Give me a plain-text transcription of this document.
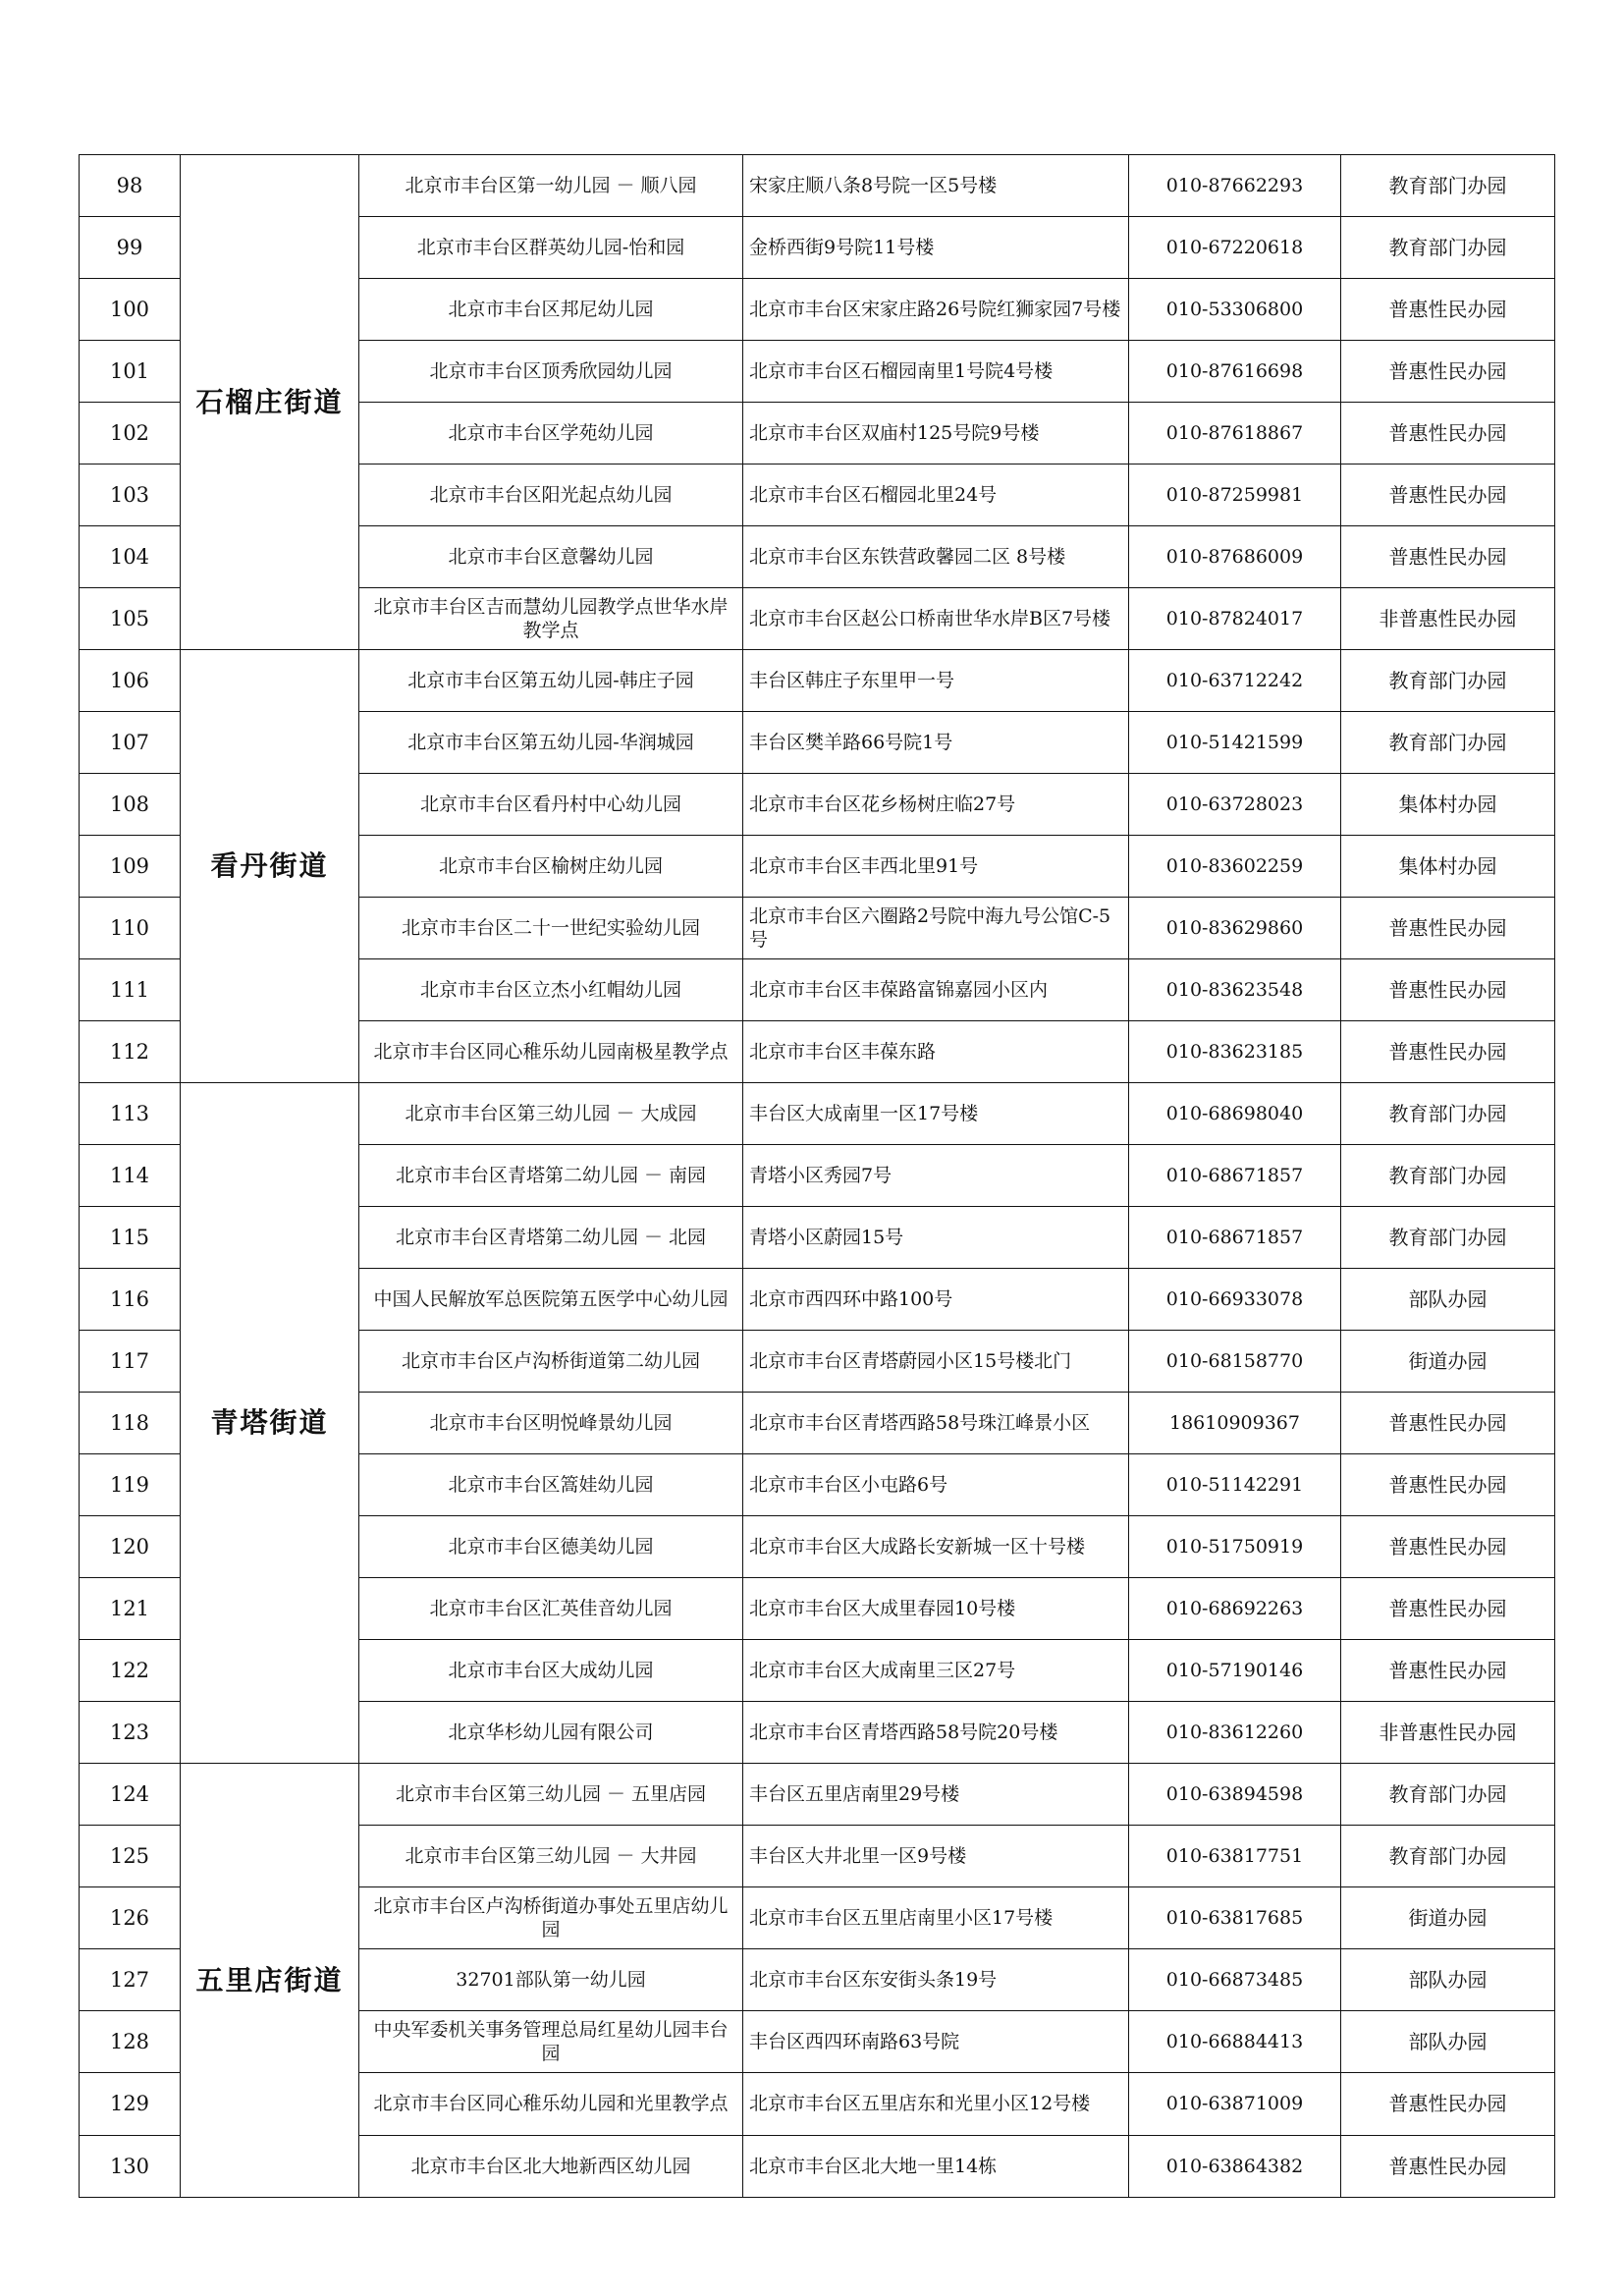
98	石榴庄街道	北京市丰台区第一幼儿园 － 顺八园	宋家庄顺八条8号院一区5号楼	010-87662293	教育部门办园
99		北京市丰台区群英幼儿园-怡和园	金桥西街9号院11号楼	010-67220618	教育部门办园
100		北京市丰台区邦尼幼儿园	北京市丰台区宋家庄路26号院红狮家园7号楼	010-53306800	普惠性民办园
101		北京市丰台区顶秀欣园幼儿园	北京市丰台区石榴园南里1号院4号楼	010-87616698	普惠性民办园
102		北京市丰台区学苑幼儿园	北京市丰台区双庙村125号院9号楼	010-87618867	普惠性民办园
103		北京市丰台区阳光起点幼儿园	北京市丰台区石榴园北里24号	010-87259981	普惠性民办园
104		北京市丰台区意馨幼儿园	北京市丰台区东铁营政馨园二区 8号楼	010-87686009	普惠性民办园
105		北京市丰台区吉而慧幼儿园教学点世华水岸教学点	北京市丰台区赵公口桥南世华水岸B区7号楼	010-87824017	非普惠性民办园
106	看丹街道	北京市丰台区第五幼儿园-韩庄子园	丰台区韩庄子东里甲一号	010-63712242	教育部门办园
107		北京市丰台区第五幼儿园-华润城园	丰台区樊羊路66号院1号	010-51421599	教育部门办园
108		北京市丰台区看丹村中心幼儿园	北京市丰台区花乡杨树庄临27号	010-63728023	集体村办园
109		北京市丰台区榆树庄幼儿园	北京市丰台区丰西北里91号	010-83602259	集体村办园
110		北京市丰台区二十一世纪实验幼儿园	北京市丰台区六圈路2号院中海九号公馆C-5号	010-83629860	普惠性民办园
111		北京市丰台区立杰小红帽幼儿园	北京市丰台区丰葆路富锦嘉园小区内	010-83623548	普惠性民办园
112		北京市丰台区同心稚乐幼儿园南极星教学点	北京市丰台区丰葆东路	010-83623185	普惠性民办园
113	青塔街道	北京市丰台区第三幼儿园 － 大成园	丰台区大成南里一区17号楼	010-68698040	教育部门办园
114		北京市丰台区青塔第二幼儿园 － 南园	青塔小区秀园7号	010-68671857	教育部门办园
115		北京市丰台区青塔第二幼儿园 － 北园	青塔小区蔚园15号	010-68671857	教育部门办园
116		中国人民解放军总医院第五医学中心幼儿园	北京市西四环中路100号	010-66933078	部队办园
117		北京市丰台区卢沟桥街道第二幼儿园	北京市丰台区青塔蔚园小区15号楼北门	010-68158770	街道办园
118		北京市丰台区明悦峰景幼儿园	北京市丰台区青塔西路58号珠江峰景小区	18610909367	普惠性民办园
119		北京市丰台区篙娃幼儿园	北京市丰台区小屯路6号	010-51142291	普惠性民办园
120		北京市丰台区德美幼儿园	北京市丰台区大成路长安新城一区十号楼	010-51750919	普惠性民办园
121		北京市丰台区汇英佳音幼儿园	北京市丰台区大成里春园10号楼	010-68692263	普惠性民办园
122		北京市丰台区大成幼儿园	北京市丰台区大成南里三区27号	010-57190146	普惠性民办园
123		北京华杉幼儿园有限公司	北京市丰台区青塔西路58号院20号楼	010-83612260	非普惠性民办园
124	五里店街道	北京市丰台区第三幼儿园 － 五里店园	丰台区五里店南里29号楼	010-63894598	教育部门办园
125		北京市丰台区第三幼儿园 － 大井园	丰台区大井北里一区9号楼	010-63817751	教育部门办园
126		北京市丰台区卢沟桥街道办事处五里店幼儿园	北京市丰台区五里店南里小区17号楼	010-63817685	街道办园
127		32701部队第一幼儿园	北京市丰台区东安街头条19号	010-66873485	部队办园
128		中央军委机关事务管理总局红星幼儿园丰台园	丰台区西四环南路63号院	010-66884413	部队办园
129		北京市丰台区同心稚乐幼儿园和光里教学点	北京市丰台区五里店东和光里小区12号楼	010-63871009	普惠性民办园
130		北京市丰台区北大地新西区幼儿园	北京市丰台区北大地一里14栋	010-63864382	普惠性民办园
